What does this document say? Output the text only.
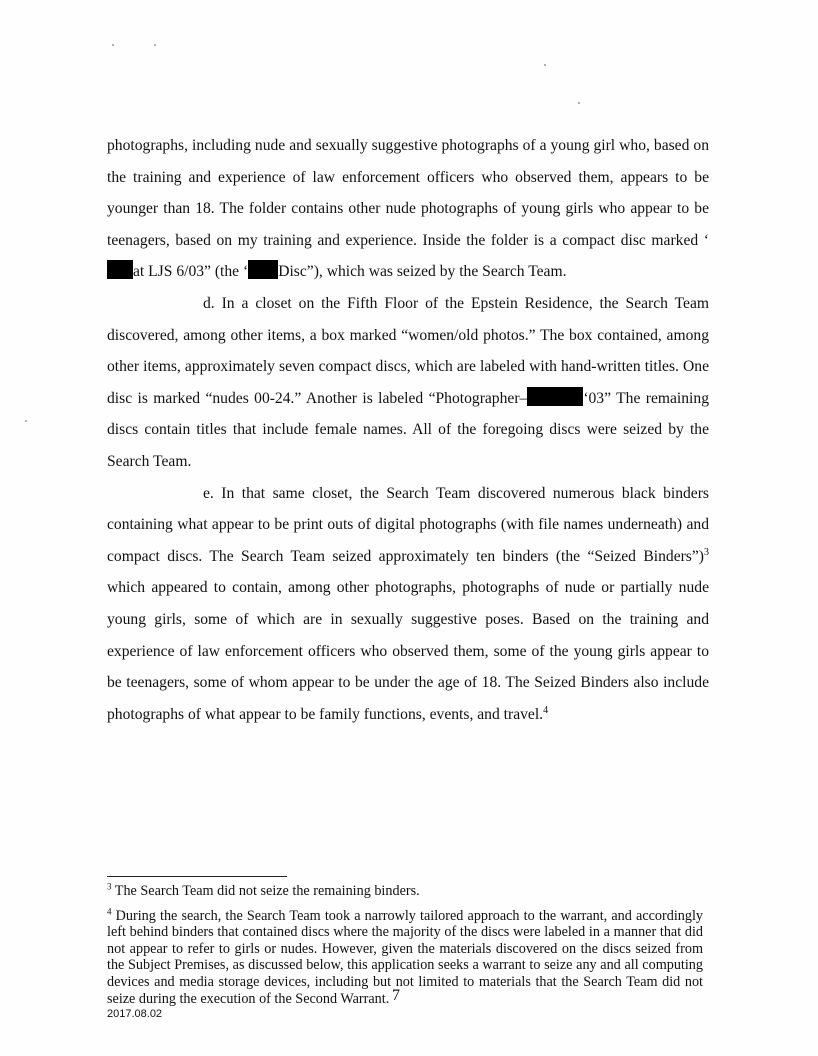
photographs, including nude and sexually suggestive photographs of a young girl who, based on the training and experience of law enforcement officers who observed them, appears to be younger than 18. The folder contains other nude photographs of young girls who appear to be teenagers, based on my training and experience. Inside the folder is a compact disc marked ‘at LJS 6/03” (the ‘ Disc”), which was seized by the Search Team.

d. In a closet on the Fifth Floor of the Epstein Residence, the Search Team discovered, among other items, a box marked “women/old photos.” The box contained, among other items, approximately seven compact discs, which are labeled with hand-written titles. One disc is marked “nudes 00-24.” Another is labeled “Photographer–	‘03” The remaining discs contain titles that include female names. All of the foregoing discs were seized by the Search Team.

e. In that same closet, the Search Team discovered numerous black binders containing what appear to be print outs of digital photographs (with file names underneath) and compact discs. The Search Team seized approximately ten binders (the “Seized Binders”)$^3$ which appeared to contain, among other photographs, photographs of nude or partially nude young girls, some of which are in sexually suggestive poses. Based on the training and experience of law enforcement officers who observed them, some of the young girls appear to be teenagers, some of whom appear to be under the age of 18. The Seized Binders also include photographs of what appear to be family functions, events, and travel.$^4$

$^3$ The Search Team did not seize the remaining binders.

$^4$ During the search, the Search Team took a narrowly tailored approach to the warrant, and accordingly left behind binders that contained discs where the majority of the discs were labeled in a manner that did not appear to refer to girls or nudes. However, given the materials discovered on the discs seized from the Subject Premises, as discussed below, this application seeks a warrant to seize any and all computing devices and media storage devices, including but not limited to materials that the Search Team did not seize during the execution of the Second Warrant. 7
2017.08.02
